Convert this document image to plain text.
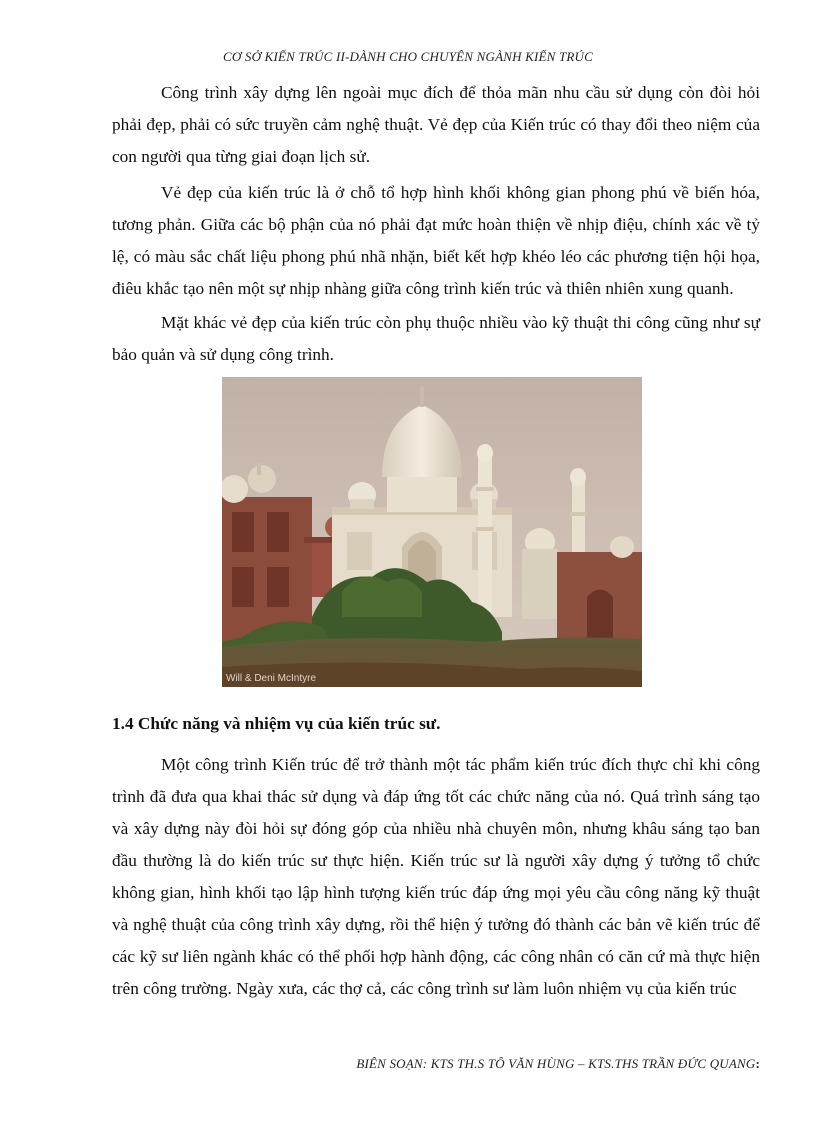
CƠ SỞ KIẾN TRÚC II-DÀNH CHO CHUYÊN NGÀNH KIẾN TRÚC

Công trình xây dựng lên ngoài mục đích để thỏa mãn nhu cầu sử dụng còn đòi hỏi phải đẹp, phải có sức truyền cảm nghệ thuật. Vẻ đẹp của Kiến trúc có thay đổi theo niệm của con người qua từng giai đoạn lịch sử.

Vẻ đẹp của kiến trúc là ở chỗ tổ hợp hình khối không gian phong phú về biến hóa, tương phản. Giữa các bộ phận của nó phải đạt mức hoàn thiện về nhịp điệu, chính xác về tỷ lệ, có màu sắc chất liệu phong phú nhã nhặn, biết kết hợp khéo léo các phương tiện hội họa, điêu khắc tạo nên một sự nhịp nhàng giữa công trình kiến trúc và thiên nhiên xung quanh.

Mặt khác vẻ đẹp của kiến trúc còn phụ thuộc nhiều vào kỹ thuật thi công cũng như sự bảo quản và sử dụng công trình.

Will & Deni McIntyre
1.4 Chức năng và nhiệm vụ của kiến trúc sư.

Một công trình Kiến trúc để trở thành một tác phẩm kiến trúc đích thực chỉ khi công trình đã đưa qua khai thác sử dụng và đáp ứng tốt các chức năng của nó. Quá trình sáng tạo và xây dựng này đòi hỏi sự đóng góp của nhiều nhà chuyên môn, nhưng khâu sáng tạo ban đầu thường là do kiến trúc sư thực hiện. Kiến trúc sư là người xây dựng ý tưởng tổ chức không gian, hình khối tạo lập hình tượng kiến trúc đáp ứng mọi yêu cầu công năng kỹ thuật và nghệ thuật của công trình xây dựng, rồi thể hiện ý tưởng đó thành các bản vẽ kiến trúc để các kỹ sư liên ngành khác có thể phối hợp hành động, các công nhân có căn cứ mà thực hiện trên công trường. Ngày xưa, các thợ cả, các công trình sư làm luôn nhiệm vụ của kiến trúc

BIÊN SOẠN: KTS TH.S TÔ VĂN HÙNG – KTS.THS TRẦN ĐỨC QUANG:
